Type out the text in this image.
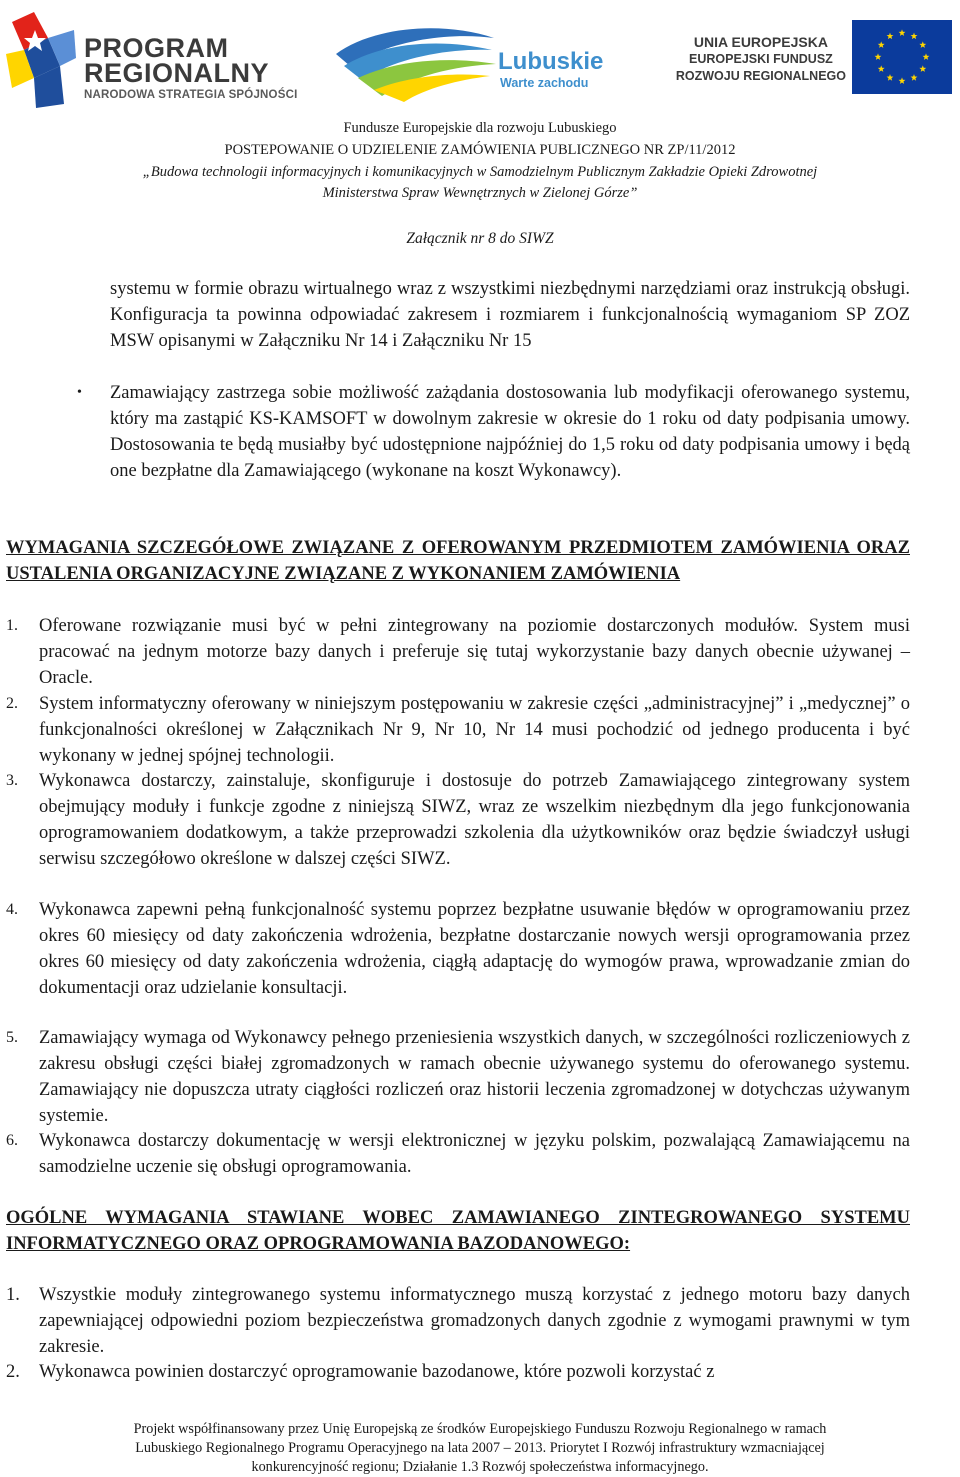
PROGRAM
REGIONALNY
NARODOWA STRATEGIA SPÓJNOŚCI
Lubuskie
Warte zachodu
UNIA EUROPEJSKA
EUROPEJSKI FUNDUSZ
ROZWOJU REGIONALNEGO
Fundusze Europejskie dla rozwoju Lubuskiego
POSTEPOWANIE O UDZIELENIE ZAMÓWIENIA PUBLICZNEGO NR ZP/11/2012
„Budowa technologii informacyjnych i komunikacyjnych w Samodzielnym Publicznym Zakładzie Opieki Zdrowotnej
Ministerstwa Spraw Wewnętrznych w Zielonej Górze”
Załącznik nr 8 do SIWZ

systemu w formie obrazu wirtualnego wraz z wszystkimi niezbędnymi narzędziami oraz instrukcją obsługi. Konfiguracja ta powinna odpowiadać zakresem i rozmiarem i funkcjonalnością wymaganiom SP ZOZ MSW opisanymi w Załączniku Nr 14 i Załączniku Nr 15

• Zamawiający zastrzega sobie możliwość zażądania dostosowania lub modyfikacji oferowanego systemu, który ma zastąpić KS-KAMSOFT w dowolnym zakresie w okresie do 1 roku od daty podpisania umowy. Dostosowania te będą musiałby być udostępnione najpóźniej do 1,5 roku od daty podpisania umowy i będą one bezpłatne dla Zamawiającego (wykonane na koszt Wykonawcy).

WYMAGANIA SZCZEGÓŁOWE ZWIĄZANE Z OFEROWANYM PRZEDMIOTEM ZAMÓWIENIA ORAZ USTALENIA ORGANIZACYJNE ZWIĄZANE Z WYKONANIEM ZAMÓWIENIA

1. Oferowane rozwiązanie musi być w pełni zintegrowany na poziomie dostarczonych modułów. System musi pracować na jednym motorze bazy danych i preferuje się tutaj wykorzystanie bazy danych obecnie używanej – Oracle.

2. System informatyczny oferowany w niniejszym postępowaniu w zakresie części „administracyjnej” i „medycznej” o funkcjonalności określonej w Załącznikach Nr 9, Nr 10, Nr 14 musi pochodzić od jednego producenta i być wykonany w jednej spójnej technologii.

3. Wykonawca dostarczy, zainstaluje, skonfiguruje i dostosuje do potrzeb Zamawiającego zintegrowany system obejmujący moduły i funkcje zgodne z niniejszą SIWZ, wraz ze wszelkim niezbędnym dla jego funkcjonowania oprogramowaniem dodatkowym, a także przeprowadzi szkolenia dla użytkowników oraz będzie świadczył usługi serwisu szczegółowo określone w dalszej części SIWZ.

4. Wykonawca zapewni pełną funkcjonalność systemu poprzez bezpłatne usuwanie błędów w oprogramowaniu przez okres 60 miesięcy od daty zakończenia wdrożenia, bezpłatne dostarczanie nowych wersji oprogramowania przez okres 60 miesięcy od daty zakończenia wdrożenia, ciągłą adaptację do wymogów prawa, wprowadzanie zmian do dokumentacji oraz udzielanie konsultacji.

5. Zamawiający wymaga od Wykonawcy pełnego przeniesienia wszystkich danych, w szczególności rozliczeniowych z zakresu obsługi części białej zgromadzonych w ramach obecnie używanego systemu do oferowanego systemu. Zamawiający nie dopuszcza utraty ciągłości rozliczeń oraz historii leczenia zgromadzonej w dotychczas używanym systemie.

6. Wykonawca dostarczy dokumentację w wersji elektronicznej w języku polskim, pozwalającą Zamawiającemu na samodzielne uczenie się obsługi oprogramowania.

OGÓLNE WYMAGANIA STAWIANE WOBEC ZAMAWIANEGO ZINTEGROWANEGO SYSTEMU INFORMATYCZNEGO ORAZ OPROGRAMOWANIA BAZODANOWEGO:

1. Wszystkie moduły zintegrowanego systemu informatycznego muszą korzystać z jednego motoru bazy danych zapewniającej odpowiedni poziom bezpieczeństwa gromadzonych danych zgodnie z wymogami prawnymi w tym zakresie.

2. Wykonawca powinien dostarczyć oprogramowanie bazodanowe, które pozwoli korzystać z

Projekt współfinansowany przez Unię Europejską ze środków Europejskiego Funduszu Rozwoju Regionalnego w ramach
Lubuskiego Regionalnego Programu Operacyjnego na lata 2007 – 2013. Priorytet I Rozwój infrastruktury wzmacniającej
konkurencyjność regionu; Działanie 1.3 Rozwój społeczeństwa informacyjnego.
